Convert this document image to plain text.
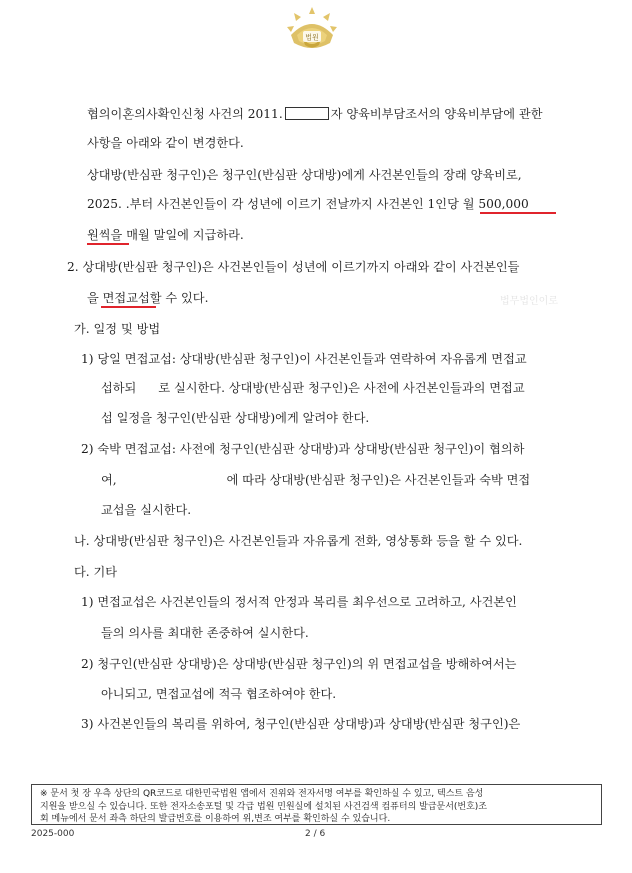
법원
법무법인이로
협의이혼의사확인신청 사건의 2011.	자 양육비부담조서의 양육비부담에 관한
사항을 아래와 같이 변경한다.
상대방(반심판 청구인)은 청구인(반심판 상대방)에게 사건본인들의 장래 양육비로,
2025. .부터 사건본인들이 각 성년에 이르기 전날까지 사건본인 1인당 월 500,000
원씩을 매월 말일에 지급하라.
2. 상대방(반심판 청구인)은 사건본인들이 성년에 이르기까지 아래와 같이 사건본인들
을 면접교섭할 수 있다.
가. 일정 및 방법
1) 당일 면접교섭: 상대방(반심판 청구인)이 사건본인들과 연락하여 자유롭게 면접교
섭하되 로 실시한다. 상대방(반심판 청구인)은 사전에 사건본인들과의 면접교
섭 일정을 청구인(반심판 상대방)에게 알려야 한다.
2) 숙박 면접교섭: 사전에 청구인(반심판 상대방)과 상대방(반심판 청구인)이 협의하
여,	에 따라 상대방(반심판 청구인)은 사건본인들과 숙박 면접
교섭을 실시한다.
나. 상대방(반심판 청구인)은 사건본인들과 자유롭게 전화, 영상통화 등을 할 수 있다.
다. 기타
1) 면접교섭은 사건본인들의 정서적 안정과 복리를 최우선으로 고려하고, 사건본인
들의 의사를 최대한 존중하여 실시한다.
2) 청구인(반심판 상대방)은 상대방(반심판 청구인)의 위 면접교섭을 방해하여서는
아니되고, 면접교섭에 적극 협조하여야 한다.
3) 사건본인들의 복리를 위하여, 청구인(반심판 상대방)과 상대방(반심판 청구인)은
※ 문서 첫 장 우측 상단의 QR코드로 대한민국법원 앱에서 진위와 전자서명 여부를 확인하실 수 있고, 텍스트 음성
지원을 받으실 수 있습니다. 또한 전자소송포털 및 각급 법원 민원실에 설치된 사건검색 컴퓨터의 발급문서(번호)조
회 메뉴에서 문서 좌측 하단의 발급번호를 이용하여 위,변조 여부를 확인하실 수 있습니다.
2025-000	2 / 6
